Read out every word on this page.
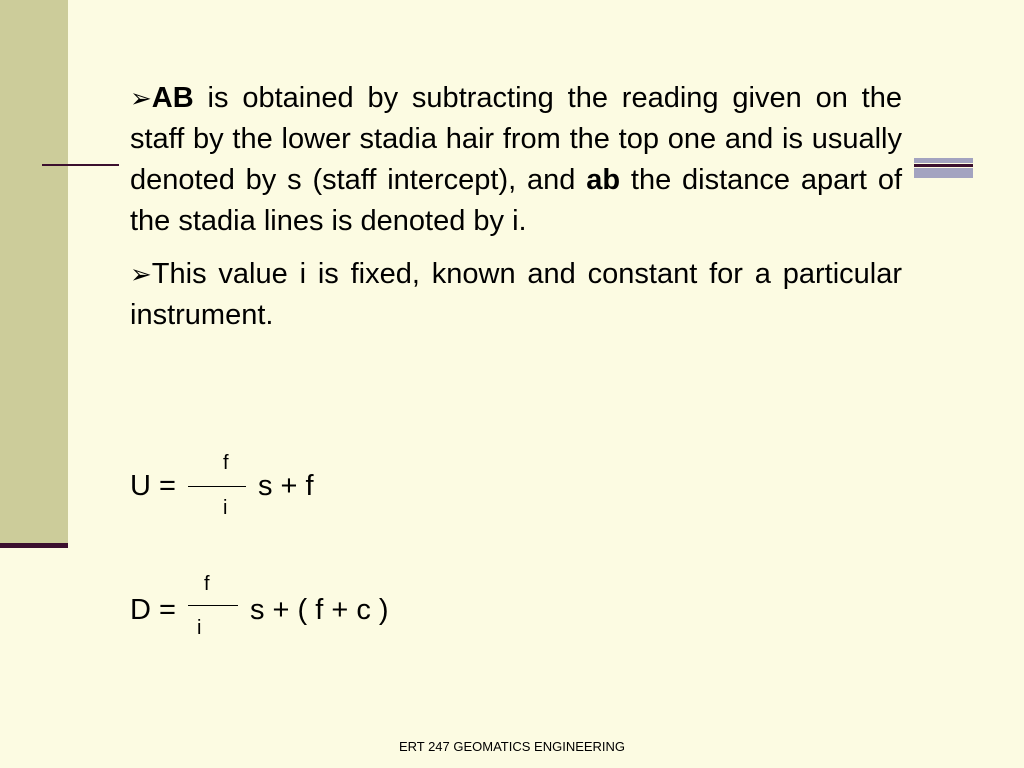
➢AB is obtained by subtracting the reading given on the staff by the lower stadia hair from the top one and is usually denoted by s (staff intercept), and ab the distance apart of the stadia lines is denoted by i.

➢This value i is fixed, known and constant for a particular instrument.

U =
f
i
s + f
D =
f
i
s + ( f + c )
ERT 247 GEOMATICS ENGINEERING
